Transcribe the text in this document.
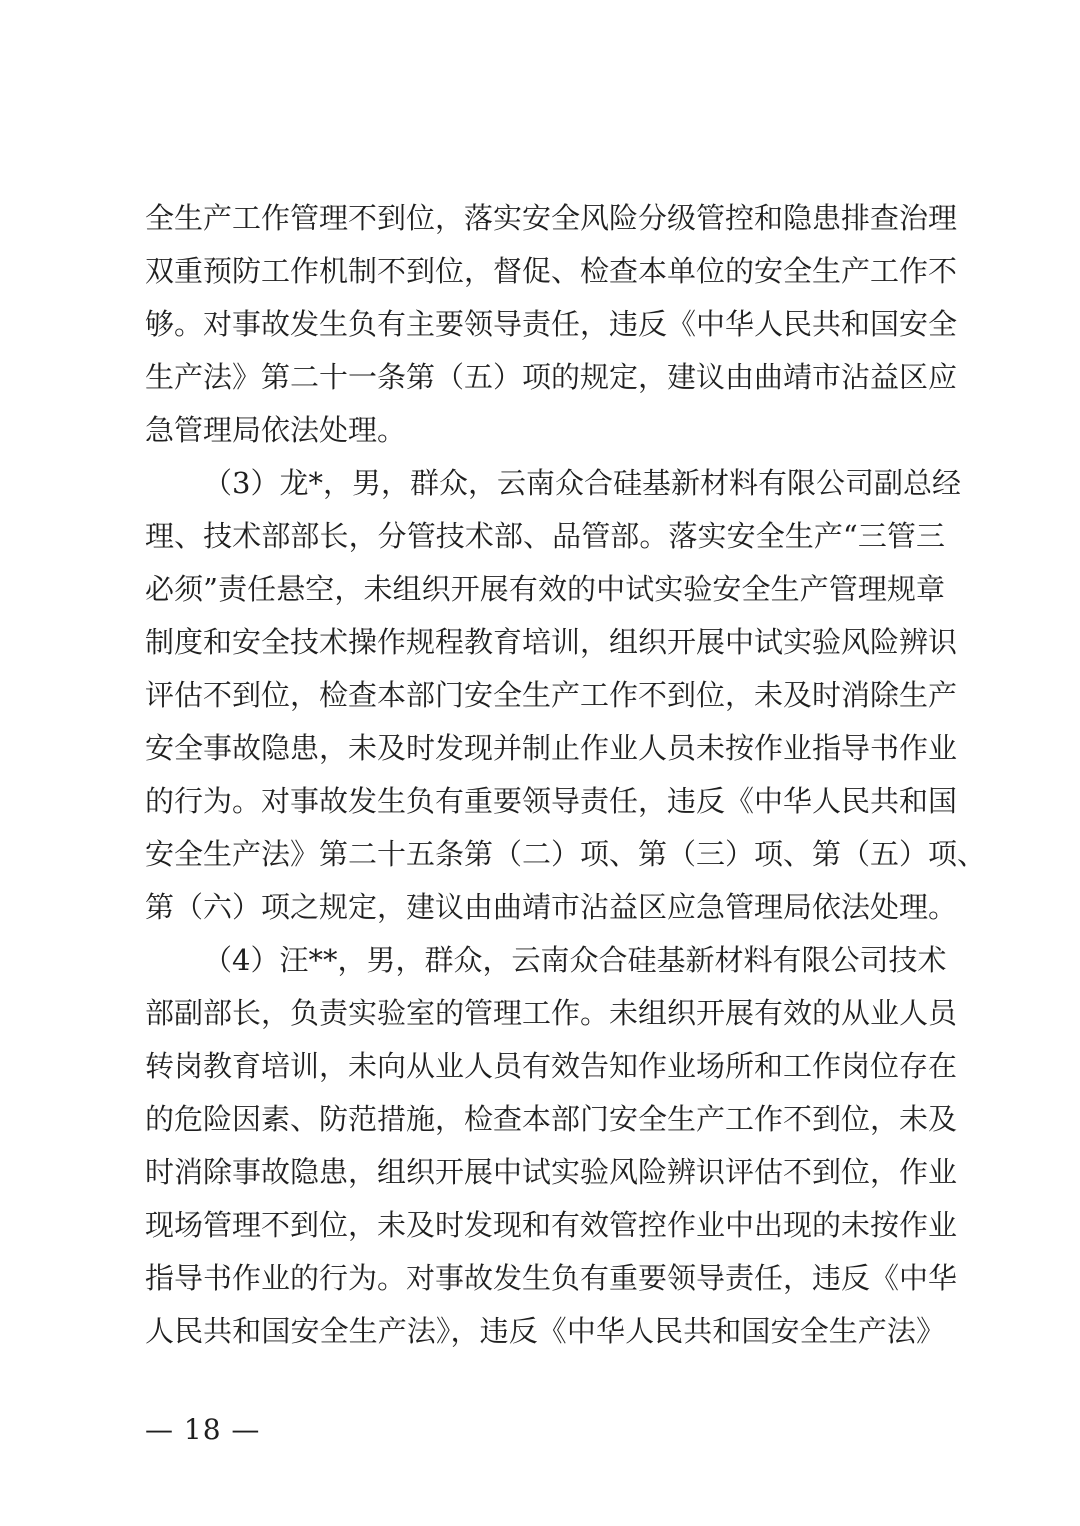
全生产工作管理不到位，落实安全风险分级管控和隐患排查治理
双重预防工作机制不到位，督促、检查本单位的安全生产工作不
够。对事故发生负有主要领导责任，违反《中华人民共和国安全
生产法》第二十一条第（五）项的规定，建议由曲靖市沾益区应
急管理局依法处理。
（3）龙*，男，群众，云南众合硅基新材料有限公司副总经
理、技术部部长，分管技术部、品管部。落实安全生产“三管三
必须”责任悬空，未组织开展有效的中试实验安全生产管理规章
制度和安全技术操作规程教育培训，组织开展中试实验风险辨识
评估不到位，检查本部门安全生产工作不到位，未及时消除生产
安全事故隐患，未及时发现并制止作业人员未按作业指导书作业
的行为。对事故发生负有重要领导责任，违反《中华人民共和国
安全生产法》第二十五条第（二）项、第（三）项、第（五）项、
第（六）项之规定，建议由曲靖市沾益区应急管理局依法处理。
（4）汪**，男，群众，云南众合硅基新材料有限公司技术
部副部长，负责实验室的管理工作。未组织开展有效的从业人员
转岗教育培训，未向从业人员有效告知作业场所和工作岗位存在
的危险因素、防范措施，检查本部门安全生产工作不到位，未及
时消除事故隐患，组织开展中试实验风险辨识评估不到位，作业
现场管理不到位，未及时发现和有效管控作业中出现的未按作业
指导书作业的行为。对事故发生负有重要领导责任，违反《中华
人民共和国安全生产法》，违反《中华人民共和国安全生产法》
— 18 —
